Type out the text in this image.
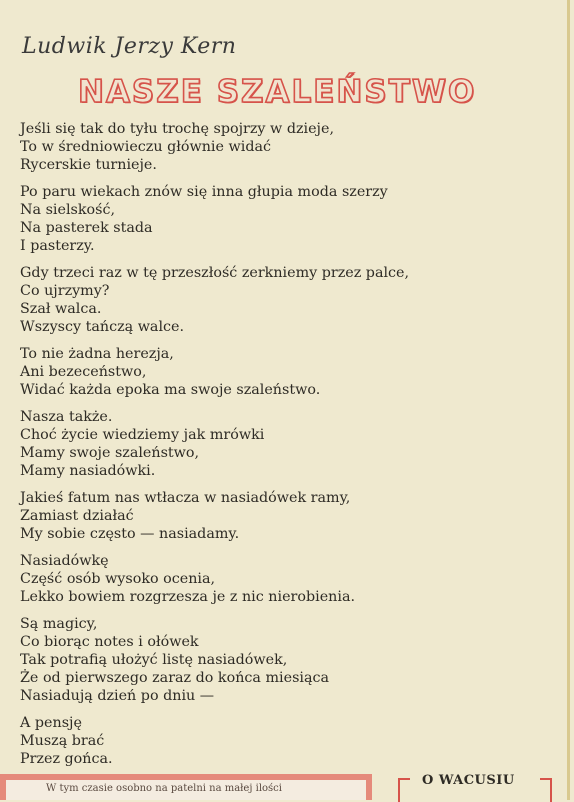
Ludwik Jerzy Kern
NASZE SZALEŃSTWO
Jeśli się tak do tyłu trochę spojrzy w dzieje,
To w średniowieczu głównie widać
Rycerskie turnieje.
Po paru wiekach znów się inna głupia moda szerzy
Na sielskość,
Na pasterek stada
I pasterzy.
Gdy trzeci raz w tę przeszłość zerkniemy przez palce,
Co ujrzymy?
Szał walca.
Wszyscy tańczą walce.
To nie żadna herezja,
Ani bezeceństwo,
Widać każda epoka ma swoje szaleństwo.
Nasza także.
Choć życie wiedziemy jak mrówki
Mamy swoje szaleństwo,
Mamy nasiadówki.
Jakieś fatum nas wtłacza w nasiadówek ramy,
Zamiast działać
My sobie często — nasiadamy.
Nasiadówkę
Część osób wysoko ocenia,
Lekko bowiem rozgrzesza je z nic nierobienia.
Są magicy,
Co biorąc notes i ołówek
Tak potrafią ułożyć listę nasiadówek,
Że od pierwszego zaraz do końca miesiąca
Nasiadują dzień po dniu —
A pensję
Muszą brać
Przez gońca.
W tym czasie osobno na patelni na małej ilości
O WACUSIU
